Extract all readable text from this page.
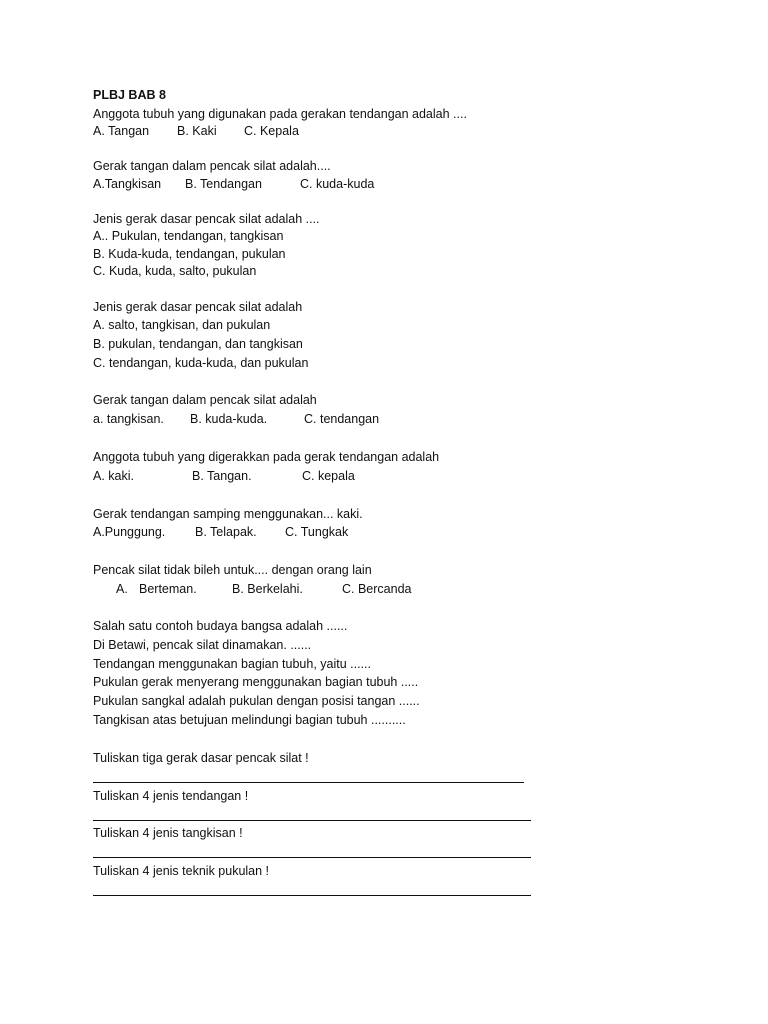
PLBJ BAB 8

Anggota tubuh yang digunakan pada gerakan tendangan adalah ....

A. Tangan B. Kaki C. Kepala

Gerak tangan dalam pencak silat adalah....

A.Tangkisan B. Tendangan	C. kuda-kuda

Jenis gerak dasar pencak silat adalah ....

A.. Pukulan, tendangan, tangkisan

B. Kuda-kuda, tendangan, pukulan

C. Kuda, kuda, salto, pukulan

Jenis gerak dasar pencak silat adalah

A. salto, tangkisan, dan pukulan

B. pukulan, tendangan, dan tangkisan

C. tendangan, kuda-kuda, dan pukulan

Gerak tangan dalam pencak silat adalah

a. tangkisan. B. kuda-kuda.	C. tendangan

Anggota tubuh yang digerakkan pada gerak tendangan adalah

A. kaki.	B. Tangan.	C. kepala

Gerak tendangan samping menggunakan... kaki.

A.Punggung. B. Telapak. C. Tungkak

Pencak silat tidak bileh untuk.... dengan orang lain

A. Berteman.	B. Berkelahi.	C. Bercanda

Salah satu contoh budaya bangsa adalah ......

Di Betawi, pencak silat dinamakan. ......

Tendangan menggunakan bagian tubuh, yaitu ......

Pukulan gerak menyerang menggunakan bagian tubuh .....

Pukulan sangkal adalah pukulan dengan posisi tangan ......

Tangkisan atas betujuan melindungi bagian tubuh ..........

Tuliskan tiga gerak dasar pencak silat !

Tuliskan 4 jenis tendangan !

Tuliskan 4 jenis tangkisan !

Tuliskan 4 jenis teknik pukulan !
